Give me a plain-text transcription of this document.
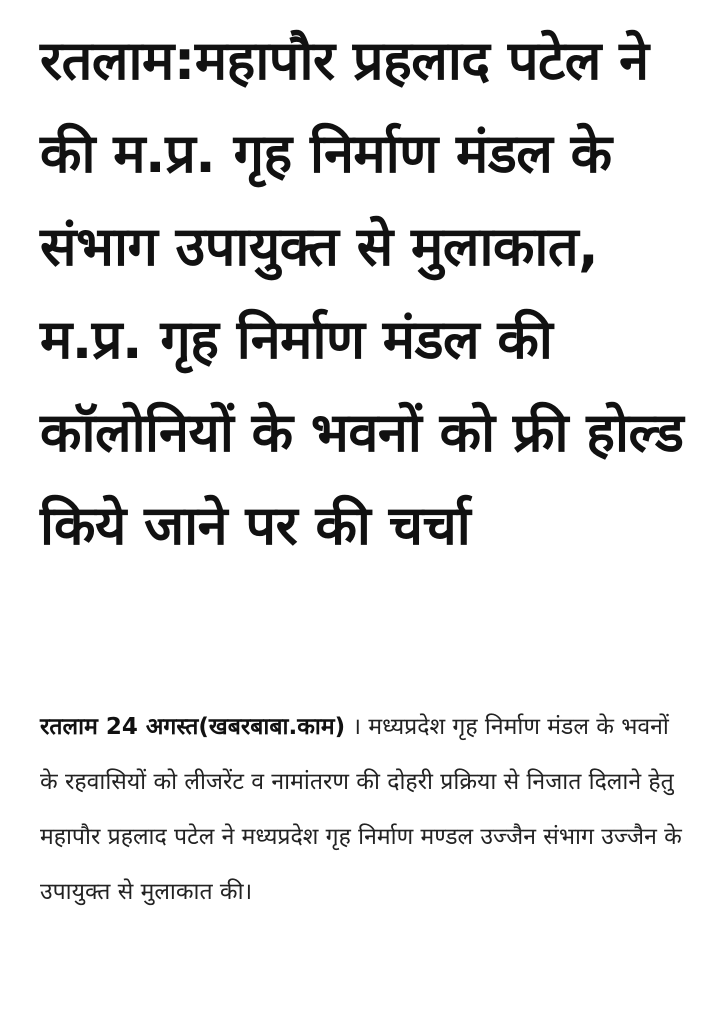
रतलाम:महापौर प्रहलाद पटेल ने की म.प्र. गृह निर्माण मंडल के संभाग उपायुक्त से मुलाकात, म.प्र. गृह निर्माण मंडल की कॉलोनियों के भवनों को फ्री होल्ड किये जाने पर की चर्चा

रतलाम 24 अगस्त(खबरबाबा.काम) । मध्यप्रदेश गृह निर्माण मंडल के भवनों के रहवासियों को लीजरेंट व नामांतरण की दोहरी प्रक्रिया से निजात दिलाने हेतु महापौर प्रहलाद पटेल ने मध्यप्रदेश गृह निर्माण मण्डल उज्जैन संभाग उज्जैन के उपायुक्त से मुलाकात की।
